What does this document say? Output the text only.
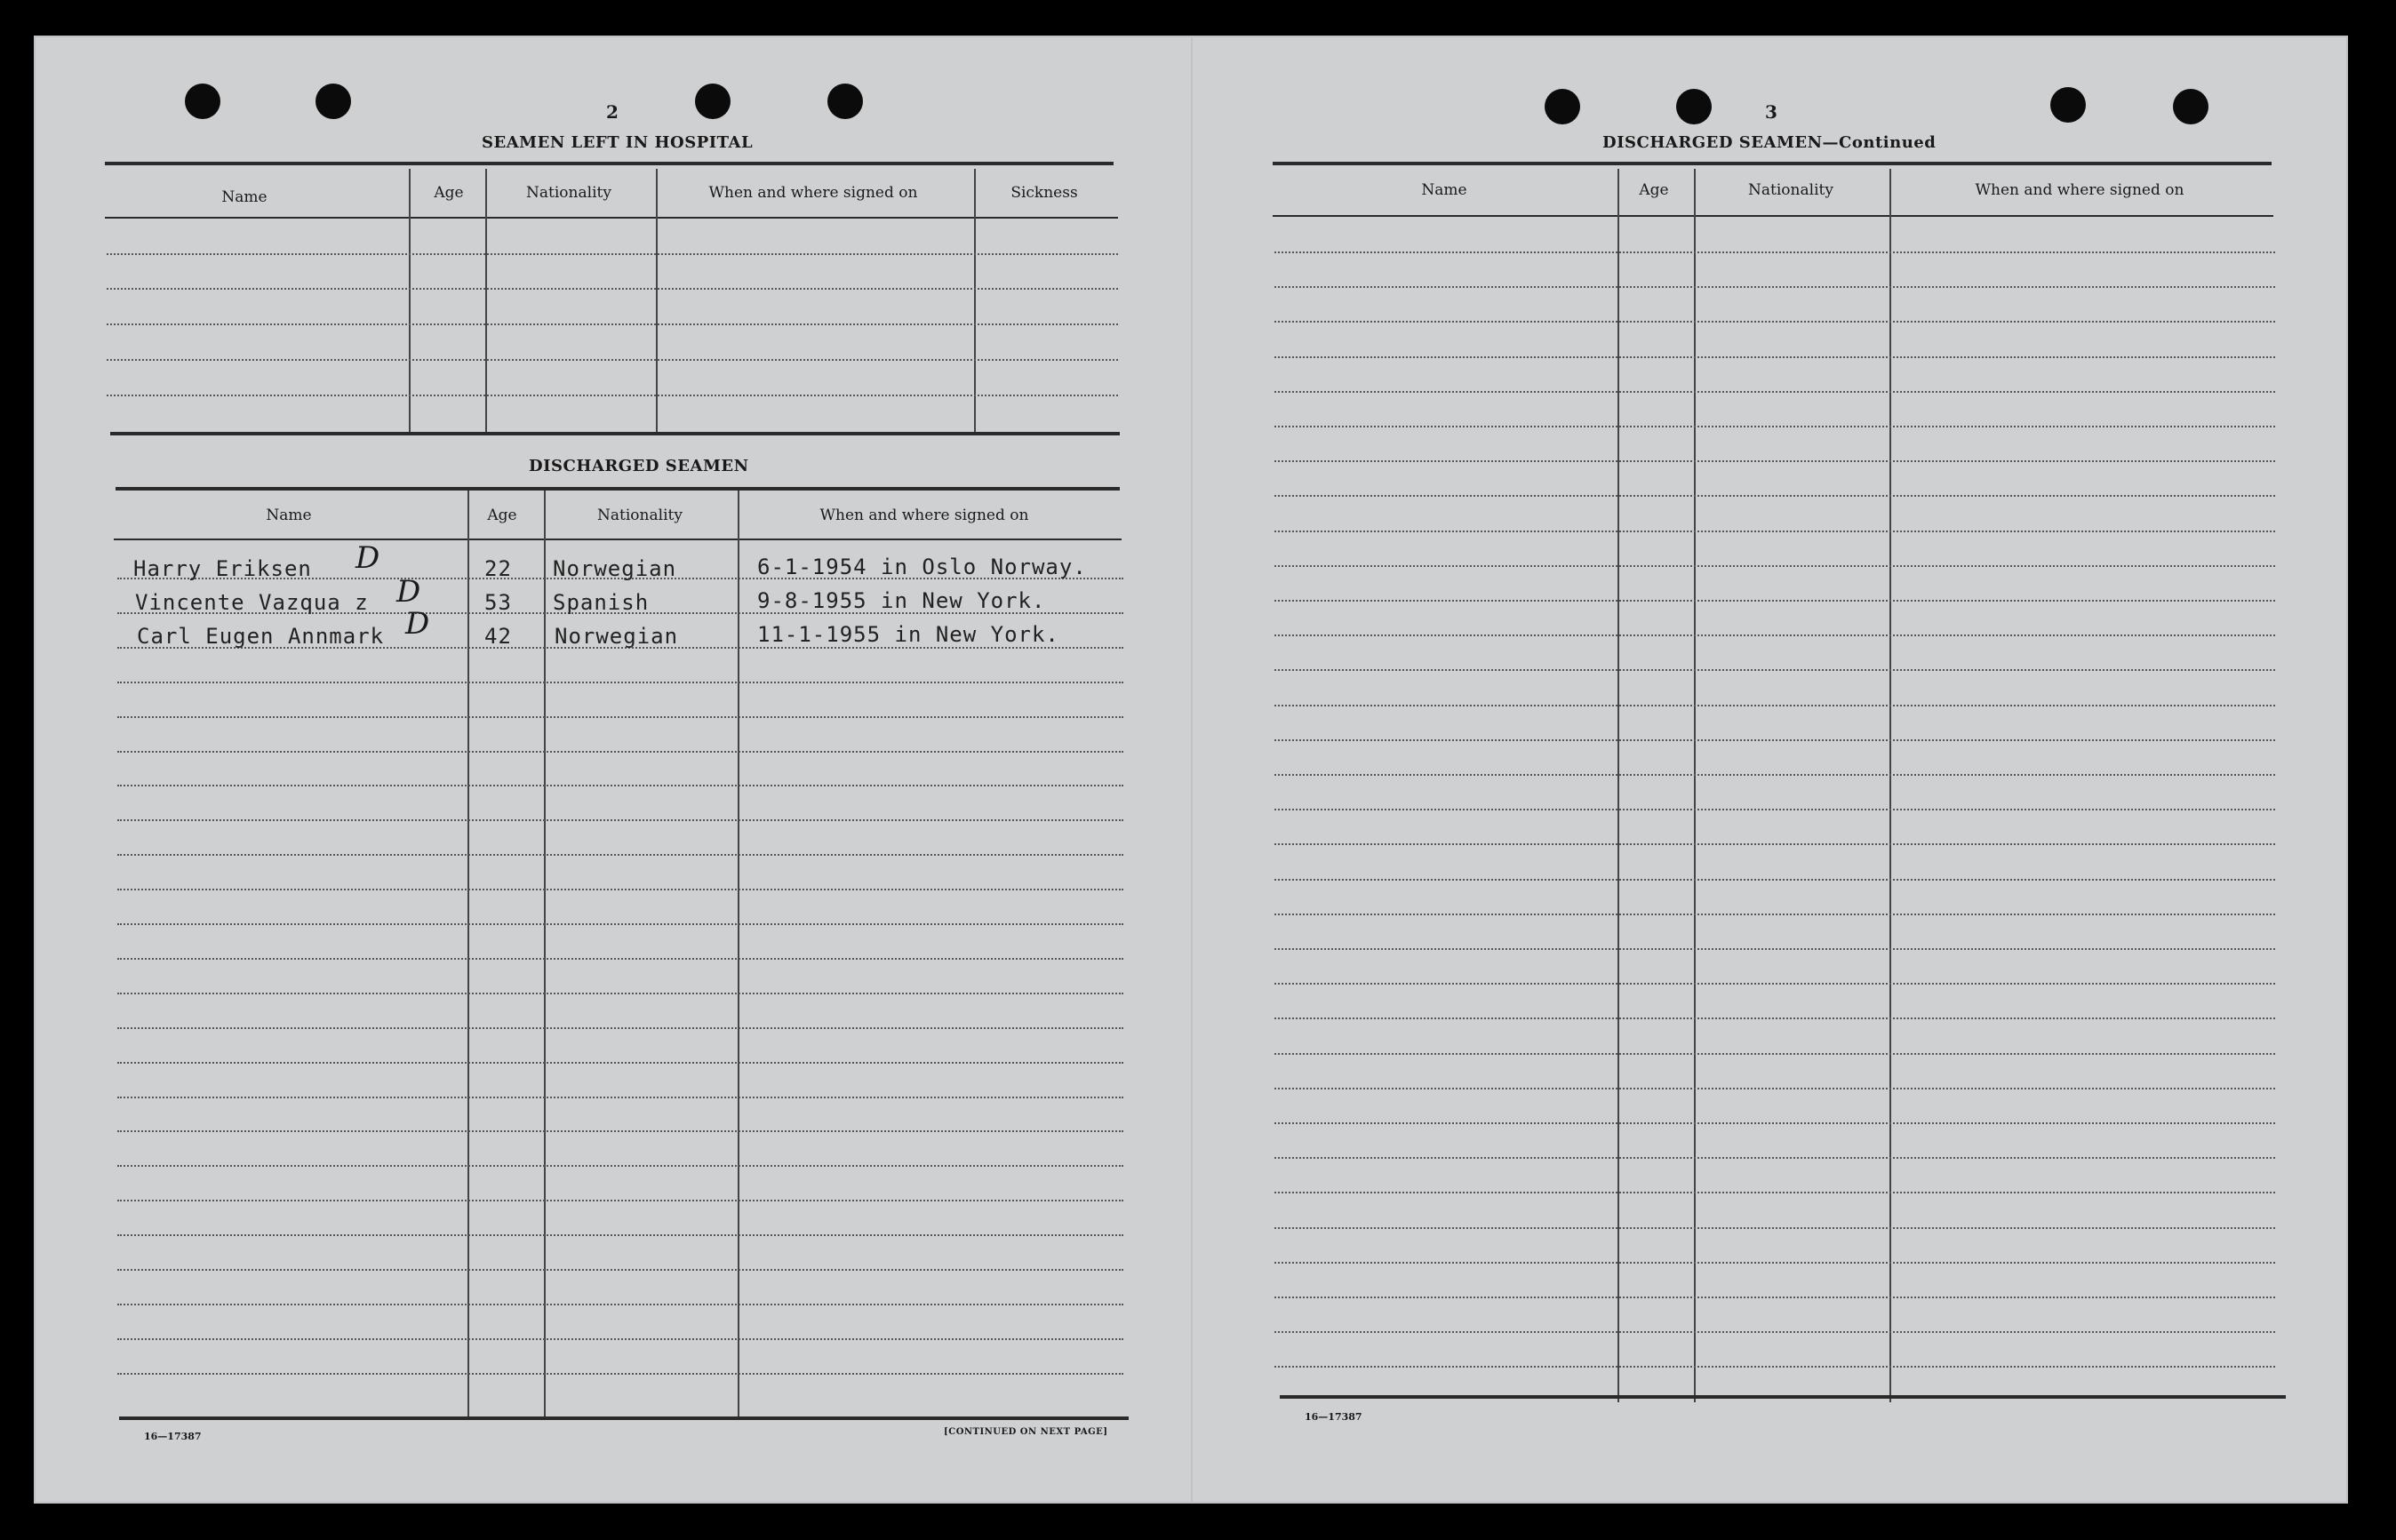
2
SEAMEN LEFT IN HOSPITAL
Name	Age	Nationality	When and where signed on	Sickness
DISCHARGED SEAMEN
Name	Age	Nationality	When and where signed on
Harry Eriksen D	22 Norwegian	6-1-1954 in Oslo Norway.
Vincente Vazqua z D	53 Spanish	9-8-1955 in New York.
Carl Eugen Annmark D	42 Norwegian	11-1-1955 in New York.
16—17387	[CONTINUED ON NEXT PAGE]
3
DISCHARGED SEAMEN—Continued
Name	Age	Nationality	When and where signed on
16—17387
